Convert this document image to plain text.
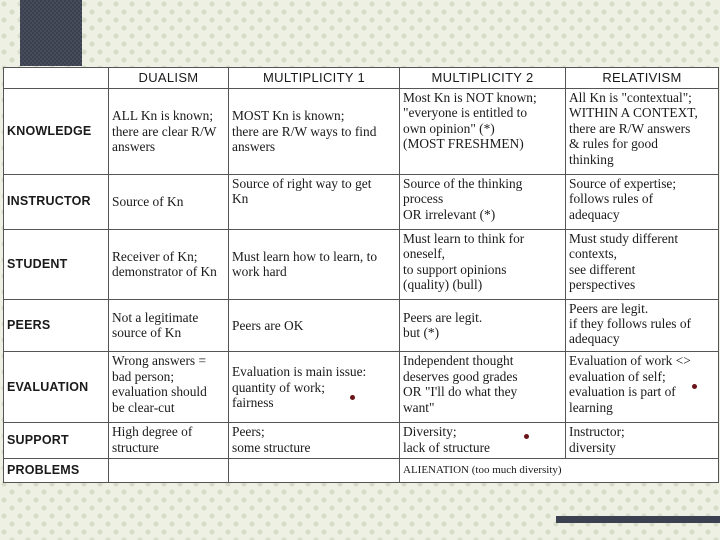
	DUALISM	MULTIPLICITY 1	MULTIPLICITY 2	RELATIVISM
KNOWLEDGE	ALL Kn is known;
there are clear R/W
answers	MOST Kn is known;
there are R/W ways to find
answers	Most Kn is NOT known;
"everyone is entitled to
own opinion" (*)
(MOST FRESHMEN)	All Kn is "contextual";
WITHIN A CONTEXT,
there are R/W answers
& rules for good
thinking

INSTRUCTOR	Source of Kn	Source of right way to get
Kn	Source of the thinking
process
OR irrelevant (*)	Source of expertise;
follows rules of
adequacy

STUDENT	Receiver of Kn;
demonstrator of Kn	Must learn how to learn, to
work hard	Must learn to think for
oneself,
to support opinions
(quality) (bull)	Must study different
contexts,
see different
perspectives

PEERS	Not a legitimate
source of Kn	Peers are OK	Peers are legit.
but (*)	Peers are legit.
if they follows rules of
adequacy

EVALUATION	Wrong answers =
bad person;
evaluation should
be clear-cut	Evaluation is main issue:
quantity of work;
fairness	Independent thought
deserves good grades
OR "I'll do what they
want"	Evaluation of work <>
evaluation of self;
evaluation is part of
learning

SUPPORT	High degree of
structure	Peers;
some structure	Diversity;
lack of structure	Instructor;
diversity

PROBLEMS			ALIENATION (too much diversity)	
